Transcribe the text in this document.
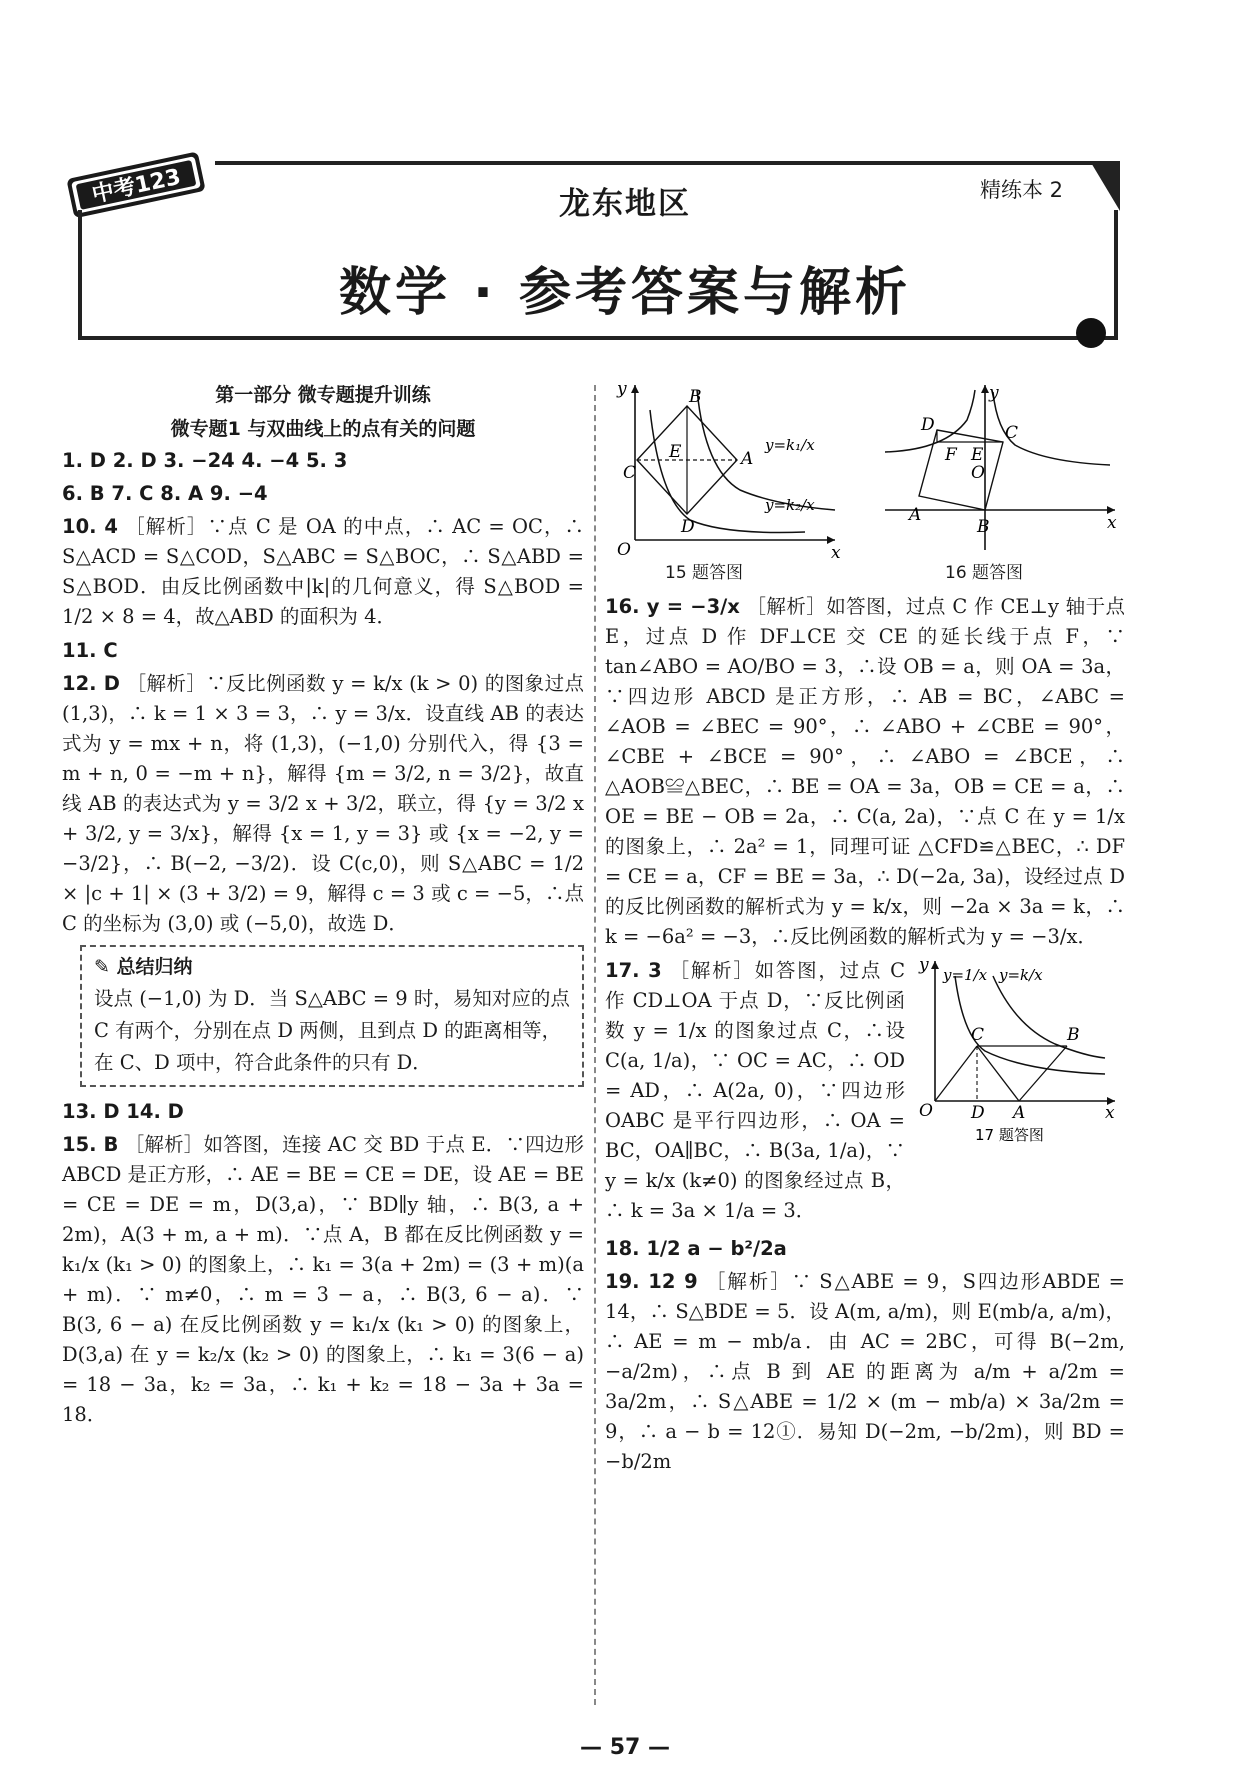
中考123	龙东地区	精练本 2
数学 · 参考答案与解析
第一部分 微专题提升训练
微专题1 与双曲线上的点有关的问题
1. D 2. D 3. −24 4. −4 5. 3
6. B 7. C 8. A 9. −4
10. 4 ［解析］∵点 C 是 OA 的中点，∴ AC = OC，∴ S△ACD = S△COD，S△ABC = S△BOC，∴ S△ABD = S△BOD．由反比例函数中|k|的几何意义，得 S△BOD = 1/2 × 8 = 4，故△ABD 的面积为 4．
11. C
12. D ［解析］∵反比例函数 y = k/x (k > 0) 的图象过点 (1,3)，∴ k = 1 × 3 = 3，∴ y = 3/x．设直线 AB 的表达式为 y = mx + n，将 (1,3)，(−1,0) 分别代入，得 {3 = m + n, 0 = −m + n}，解得 {m = 3/2, n = 3/2}，故直线 AB 的表达式为 y = 3/2 x + 3/2，联立，得 {y = 3/2 x + 3/2, y = 3/x}，解得 {x = 1, y = 3} 或 {x = −2, y = −3/2}，∴ B(−2, −3/2)．设 C(c,0)，则 S△ABC = 1/2 × |c + 1| × (3 + 3/2) = 9，解得 c = 3 或 c = −5，∴点 C 的坐标为 (3,0) 或 (−5,0)，故选 D．
✎ 总结归纳
设点 (−1,0) 为 D．当 S△ABC = 9 时，易知对应的点 C 有两个，分别在点 D 两侧，且到点 D 的距离相等，在 C、D 项中，符合此条件的只有 D．
13. D 14. D
15. B ［解析］如答图，连接 AC 交 BD 于点 E．∵四边形 ABCD 是正方形，∴ AE = BE = CE = DE，设 AE = BE = CE = DE = m，D(3,a)，∵ BD∥y 轴，∴ B(3, a + 2m)，A(3 + m, a + m)．∵点 A，B 都在反比例函数 y = k₁/x (k₁ > 0) 的图象上，∴ k₁ = 3(a + 2m) = (3 + m)(a + m)．∵ m≠0，∴ m = 3 − a，∴ B(3, 6 − a)．∵ B(3, 6 − a) 在反比例函数 y = k₁/x (k₁ > 0) 的图象上，D(3,a) 在 y = k₂/x (k₂ > 0) 的图象上，∴ k₁ = 3(6 − a) = 18 − 3a，k₂ = 3a，∴ k₁ + k₂ = 18 − 3a + 3a = 18．
y	B
E	A
C
D
O	x
y=k₁/x
y=k₂/x
15 题答图
y
D
F E
O
C
A
B	x
16 题答图
16. y = −3/x ［解析］如答图，过点 C 作 CE⊥y 轴于点 E，过点 D 作 DF⊥CE 交 CE 的延长线于点 F，∵ tan∠ABO = AO/BO = 3，∴设 OB = a，则 OA = 3a，∵四边形 ABCD 是正方形，∴ AB = BC，∠ABC = ∠AOB = ∠BEC = 90°，∴ ∠ABO + ∠CBE = 90°，∠CBE + ∠BCE = 90°，∴ ∠ABO = ∠BCE，∴ △AOB≌△BEC，∴ BE = OA = 3a，OB = CE = a，∴ OE = BE − OB = 2a，∴ C(a, 2a)，∵点 C 在 y = 1/x 的图象上，∴ 2a² = 1，同理可证 △CFD≌△BEC，∴ DF = CE = a，CF = BE = 3a，∴ D(−2a, 3a)，设经过点 D 的反比例函数的解析式为 y = k/x，则 −2a × 3a = k，∴ k = −6a² = −3，∴反比例函数的解析式为 y = −3/x．
y y=1/x y=k/x
C	B
O D A	x
17 题答图
17. 3 ［解析］如答图，过点 C 作 CD⊥OA 于点 D，∵反比例函数 y = 1/x 的图象过点 C，∴设 C(a, 1/a)，∵ OC = AC，∴ OD = AD，∴ A(2a, 0)，∵四边形 OABC 是平行四边形，∴ OA = BC，OA∥BC，∴ B(3a, 1/a)，∵ y = k/x (k≠0) 的图象经过点 B，∴ k = 3a × 1/a = 3．
18. 1/2 a − b²/2a
19. 12 9 ［解析］∵ S△ABE = 9，S四边形ABDE = 14，∴ S△BDE = 5．设 A(m, a/m)，则 E(mb/a, a/m)，∴ AE = m − mb/a．由 AC = 2BC，可得 B(−2m, −a/2m)，∴点 B 到 AE 的距离为 a/m + a/2m = 3a/2m，∴ S△ABE = 1/2 × (m − mb/a) × 3a/2m = 9，∴ a − b = 12①．易知 D(−2m, −b/2m)，则 BD = −b/2m
— 57 —
